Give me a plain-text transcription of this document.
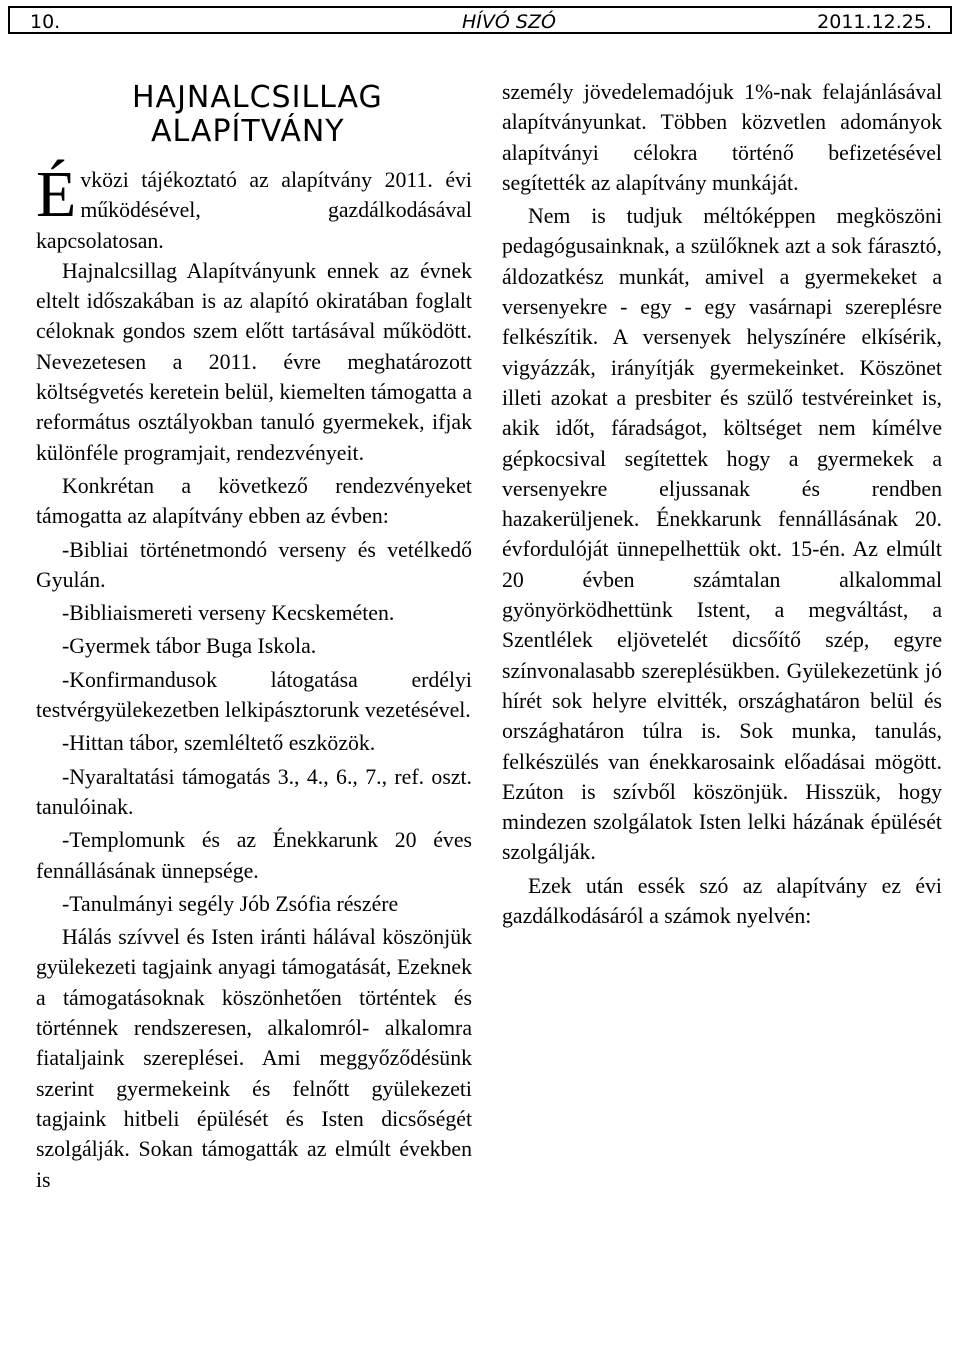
10.	HÍVÓ SZÓ	2011.12.25.
HAJNALCSILLAG
ALAPÍTVÁNY

Évközi tájékoztató az alapítvány 2011. évi működésével, gazdálkodásával kapcsolatosan.

Hajnalcsillag Alapítványunk ennek az évnek eltelt időszakában is az alapító okiratában foglalt céloknak gondos szem előtt tartásával működött. Nevezetesen a 2011. évre meghatározott költségvetés keretein belül, kiemelten támogatta a református osztályokban tanuló gyermekek, ifjak különféle programjait, rendezvényeit.

Konkrétan a következő rendezvényeket támogatta az alapítvány ebben az évben:

-Bibliai történetmondó verseny és vetélkedő Gyulán.

-Bibliaismereti verseny Kecskeméten.

-Gyermek tábor Buga Iskola.

-Konfirmandusok látogatása erdélyi testvérgyülekezetben lelkipásztorunk vezetésével.

-Hittan tábor, szemléltető eszközök.

-Nyaraltatási támogatás 3., 4., 6., 7., ref. oszt. tanulóinak.

-Templomunk és az Énekkarunk 20 éves fennállásának ünnepsége.

-Tanulmányi segély Jób Zsófia részére

Hálás szívvel és Isten iránti hálával köszönjük gyülekezeti tagjaink anyagi támogatását, Ezeknek a támogatásoknak köszönhetően történtek és történnek rendszeresen, alkalomról- alkalomra fiataljaink szereplései. Ami meggyőződésünk szerint gyermekeink és felnőtt gyülekezeti tagjaink hitbeli épülését és Isten dicsőségét szolgálják. Sokan támogatták az elmúlt években is

személy jövedelemadójuk 1%-nak felajánlásával alapítványunkat. Többen közvetlen adományok alapítványi célokra történő befizetésével segítették az alapítvány munkáját.

Nem is tudjuk méltóképpen megköszöni pedagógusainknak, a szülőknek azt a sok fárasztó, áldozatkész munkát, amivel a gyermekeket a versenyekre - egy - egy vasárnapi szereplésre felkészítik. A versenyek helyszínére elkísérik, vigyázzák, irányítják gyermekeinket. Köszönet illeti azokat a presbiter és szülő testvéreinket is, akik időt, fáradságot, költséget nem kímélve gépkocsival segítettek hogy a gyermekek a versenyekre eljussanak és rendben hazakerüljenek. Énekkarunk fennállásának 20. évfordulóját ünnepelhettük okt. 15-én. Az elmúlt 20 évben számtalan alkalommal gyönyörködhettünk Istent, a megváltást, a Szentlélek eljövetelét dicsőítő szép, egyre színvonalasabb szereplésükben. Gyülekezetünk jó hírét sok helyre elvitték, országhatáron belül és országhatáron túlra is. Sok munka, tanulás, felkészülés van énekkarosaink előadásai mögött. Ezúton is szívből köszönjük. Hisszük, hogy mindezen szolgálatok Isten lelki házának épülését szolgálják.

Ezek után essék szó az alapítvány ez évi gazdálkodásáról a számok nyelvén:
